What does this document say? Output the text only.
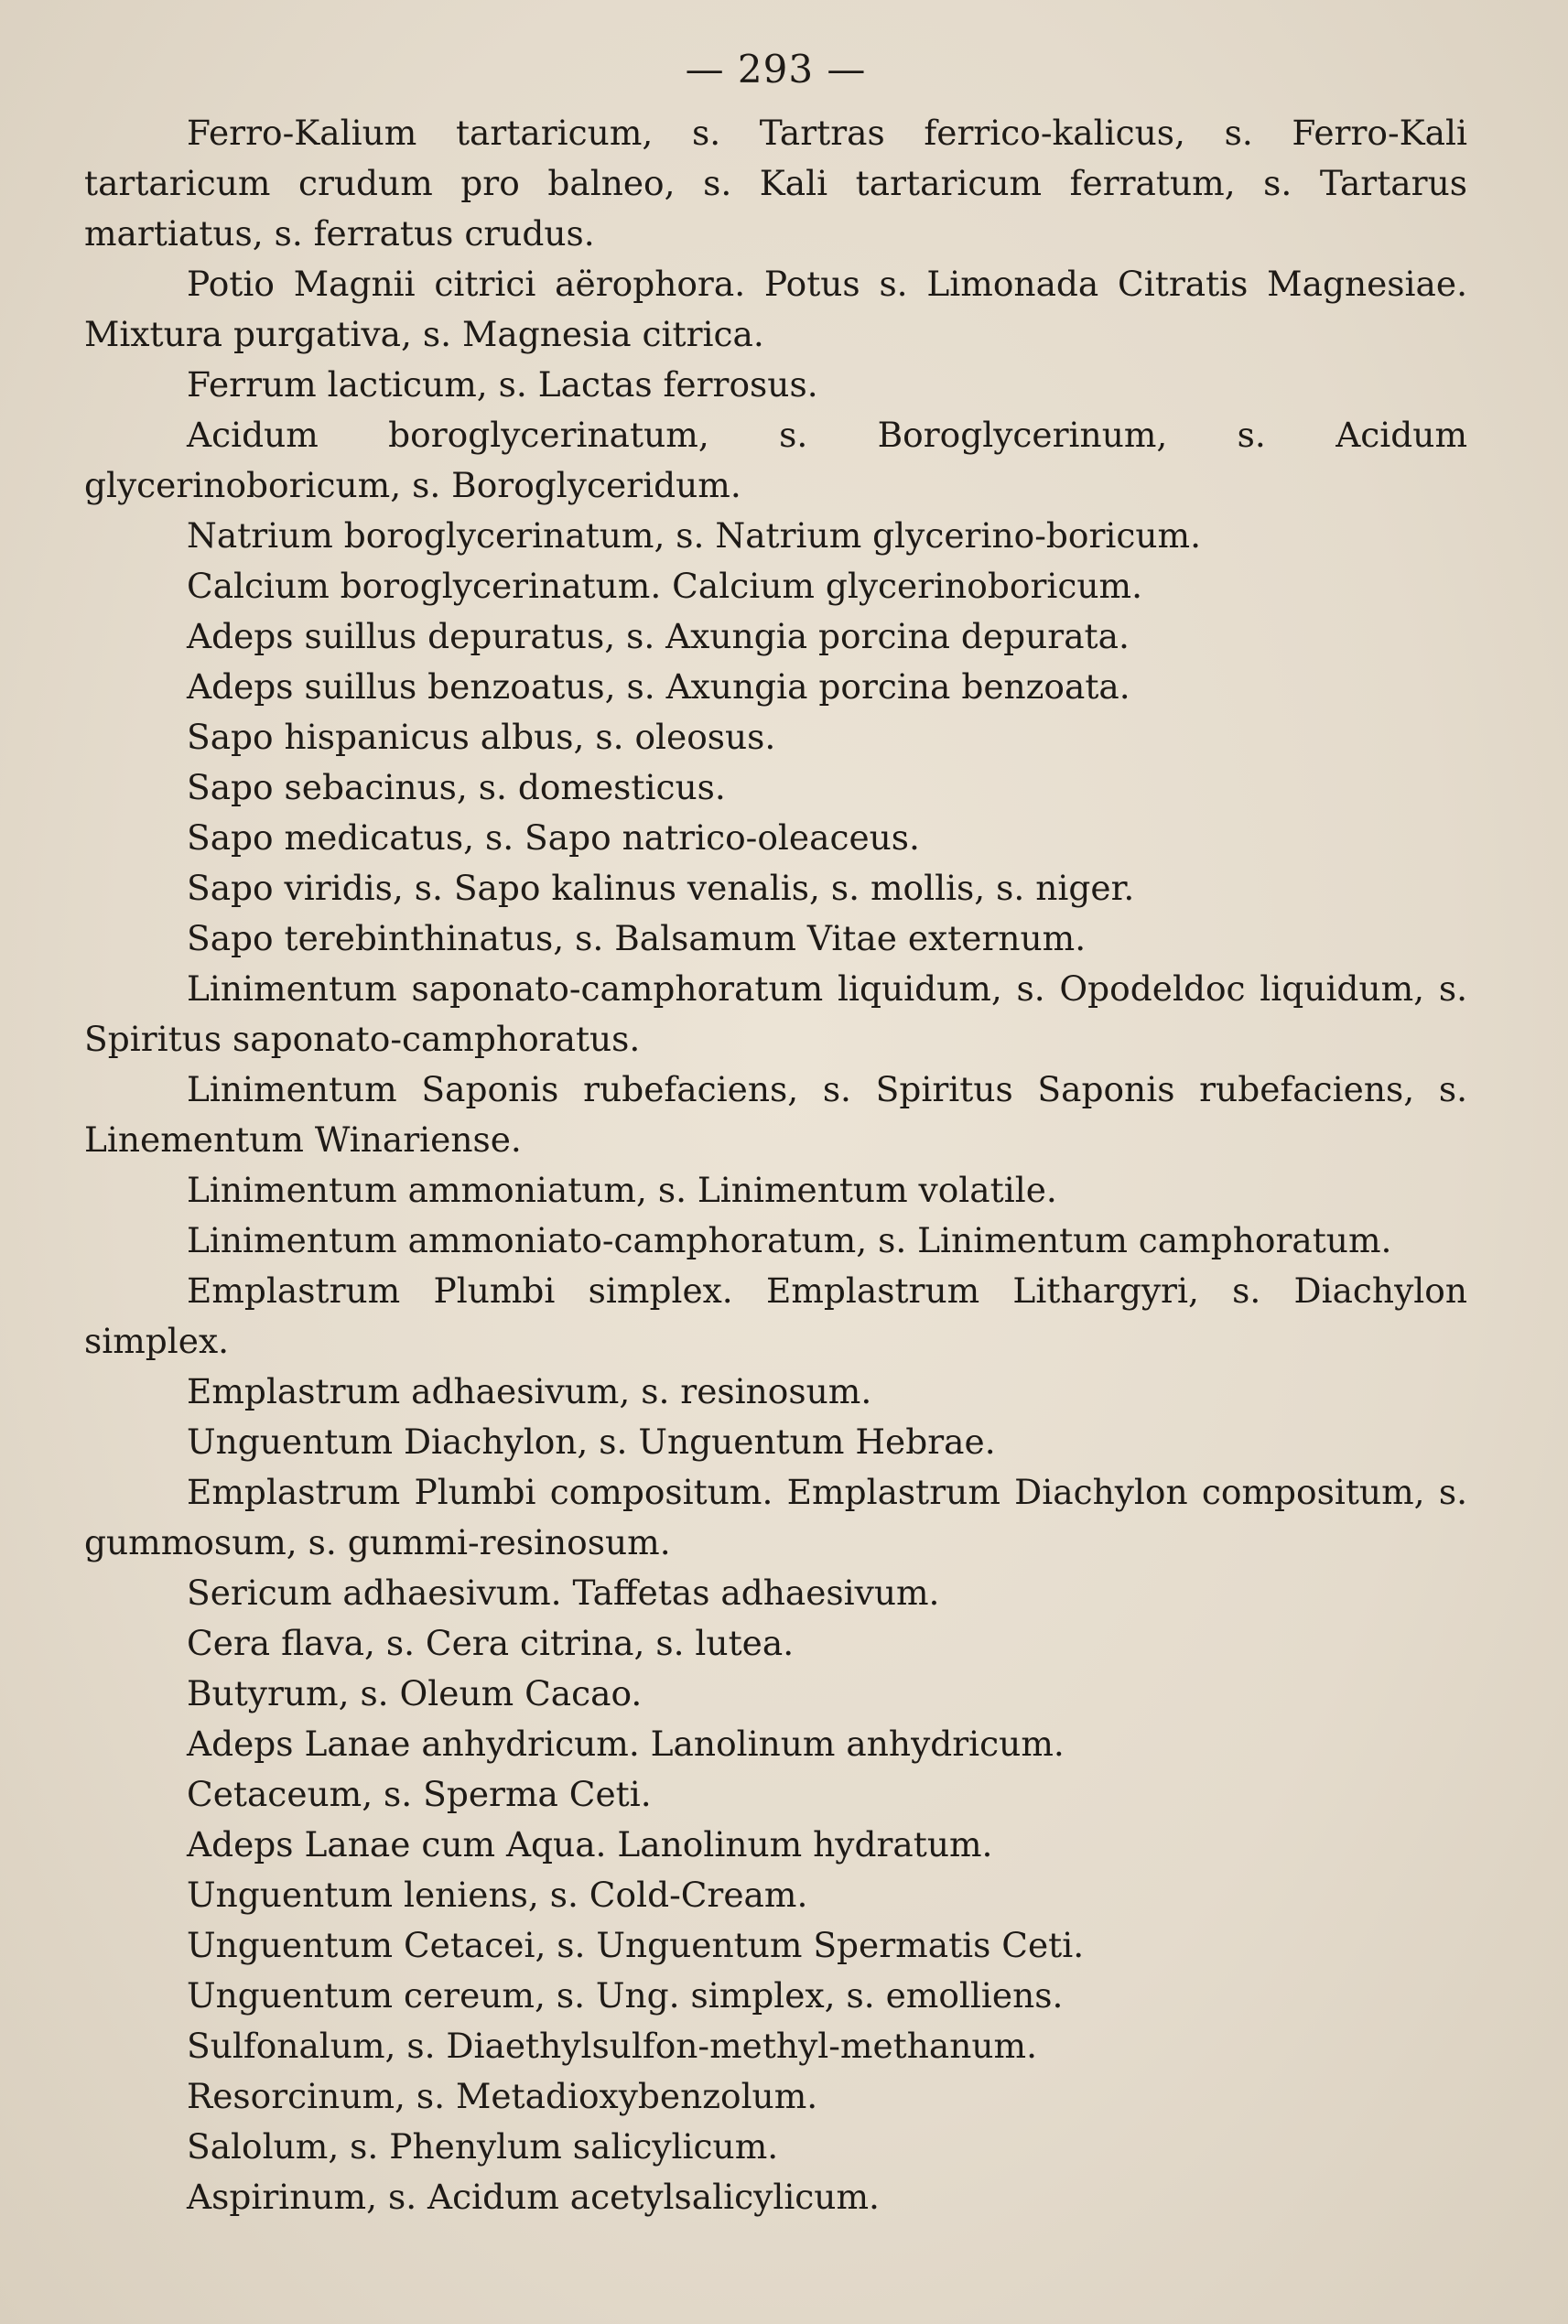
— 293 —

Ferro-Kalium tartaricum, s. Tartras ferrico-kalicus, s. Ferro-Kali tartaricum crudum pro balneo, s. Kali tartaricum ferratum, s. Tartarus martiatus, s. ferratus crudus.

Potio Magnii citrici aërophora. Potus s. Limonada Citratis Magnesiae. Mixtura purgativa, s. Magnesia citrica.

Ferrum lacticum, s. Lactas ferrosus.

Acidum boroglycerinatum, s. Boroglycerinum, s. Acidum glycerinoboricum, s. Boroglyceridum.

Natrium boroglycerinatum, s. Natrium glycerino-boricum.

Calcium boroglycerinatum. Calcium glycerinoboricum.

Adeps suillus depuratus, s. Axungia porcina depurata.

Adeps suillus benzoatus, s. Axungia porcina benzoata.

Sapo hispanicus albus, s. oleosus.

Sapo sebacinus, s. domesticus.

Sapo medicatus, s. Sapo natrico-oleaceus.

Sapo viridis, s. Sapo kalinus venalis, s. mollis, s. niger.

Sapo terebinthinatus, s. Balsamum Vitae externum.

Linimentum saponato-camphoratum liquidum, s. Opodeldoc liquidum, s. Spiritus saponato-camphoratus.

Linimentum Saponis rubefaciens, s. Spiritus Saponis rubefaciens, s. Linementum Winariense.

Linimentum ammoniatum, s. Linimentum volatile.

Linimentum ammoniato-camphoratum, s. Linimentum camphoratum.

Emplastrum Plumbi simplex. Emplastrum Lithargyri, s. Diachylon simplex.

Emplastrum adhaesivum, s. resinosum.

Unguentum Diachylon, s. Unguentum Hebrae.

Emplastrum Plumbi compositum. Emplastrum Diachylon compositum, s. gummosum, s. gummi-resinosum.

Sericum adhaesivum. Taffetas adhaesivum.

Cera flava, s. Cera citrina, s. lutea.

Butyrum, s. Oleum Cacao.

Adeps Lanae anhydricum. Lanolinum anhydricum.

Cetaceum, s. Sperma Ceti.

Adeps Lanae cum Aqua. Lanolinum hydratum.

Unguentum leniens, s. Cold-Cream.

Unguentum Cetacei, s. Unguentum Spermatis Ceti.

Unguentum cereum, s. Ung. simplex, s. emolliens.

Sulfonalum, s. Diaethylsulfon-methyl-methanum.

Resorcinum, s. Metadioxybenzolum.

Salolum, s. Phenylum salicylicum.

Aspirinum, s. Acidum acetylsalicylicum.
